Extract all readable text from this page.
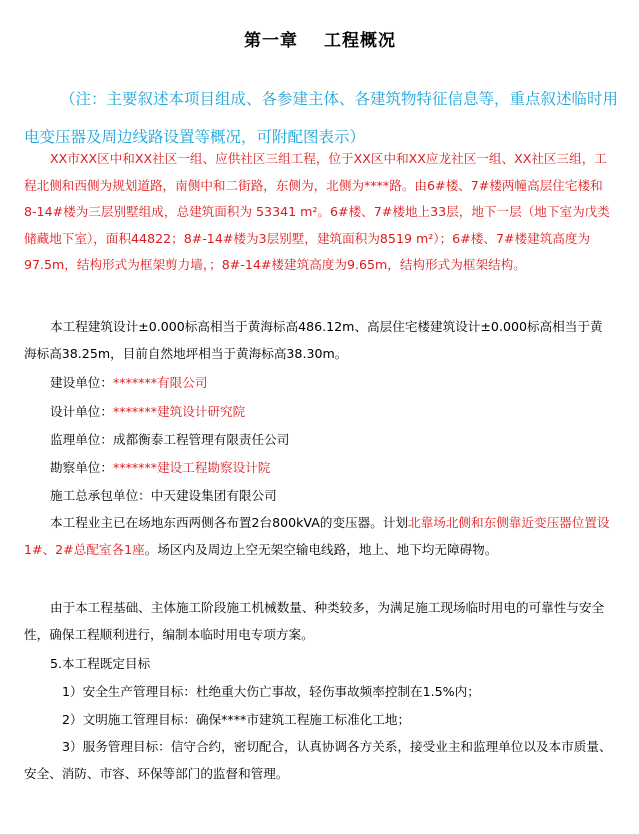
第一章 工程概况
（注：主要叙述本项目组成、各参建主体、各建筑物特征信息等，重点叙述临时用电变压器及周边线路设置等概况，可附配图表示）
XX市XX区中和XX社区一组、应供社区三组工程，位于XX区中和XX应龙社区一组、XX社区三组，工程北侧和西侧为规划道路，南侧中和二街路，东侧为，北侧为****路。由6#楼、7#楼两幢高层住宅楼和8-14#楼为三层别墅组成，总建筑面积为 53341 m²。6#楼、7#楼地上33层，地下一层（地下室为戊类储藏地下室），面积44822；8#-14#楼为3层别墅，建筑面积为8519 m²）；6#楼、7#楼建筑高度为97.5m，结构形式为框架剪力墙，；8#-14#楼建筑高度为9.65m，结构形式为框架结构。
本工程建筑设计±0.000标高相当于黄海标高486.12m、高层住宅楼建筑设计±0.000标高相当于黄海标高38.25m，目前自然地坪相当于黄海标高38.30m。
建设单位：*******有限公司
设计单位：*******建筑设计研究院
监理单位：成都衡泰工程管理有限责任公司
勘察单位：*******建设工程勘察设计院
施工总承包单位：中天建设集团有限公司
本工程业主已在场地东西两侧各布置2台800kVA的变压器。计划北靠场北侧和东侧靠近变压器位置设1#、2#总配室各1座。场区内及周边上空无架空输电线路，地上、地下均无障碍物。
由于本工程基础、主体施工阶段施工机械数量、种类较多，为满足施工现场临时用电的可靠性与安全性，确保工程顺利进行，编制本临时用电专项方案。
5.本工程既定目标
1）安全生产管理目标：杜绝重大伤亡事故，轻伤事故频率控制在1.5%内；
2）文明施工管理目标：确保****市建筑工程施工标准化工地；
3）服务管理目标：信守合约，密切配合，认真协调各方关系，接受业主和监理单位以及本市质量、安全、消防、市容、环保等部门的监督和管理。
